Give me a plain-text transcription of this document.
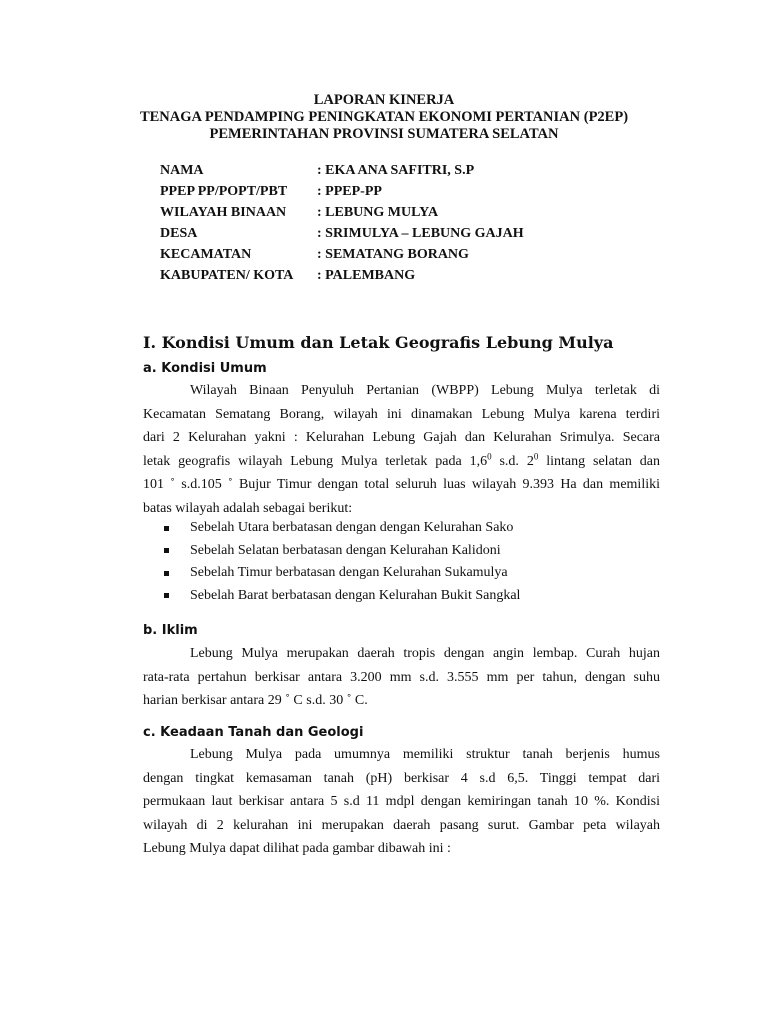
LAPORAN KINERJA
TENAGA PENDAMPING PENINGKATAN EKONOMI PERTANIAN (P2EP)
PEMERINTAHAN PROVINSI SUMATERA SELATAN
NAMA	: EKA ANA SAFITRI, S.P
PPEP PP/POPT/PBT	: PPEP-PP
WILAYAH BINAAN	: LEBUNG MULYA
DESA	: SRIMULYA – LEBUNG GAJAH
KECAMATAN	: SEMATANG BORANG
KABUPATEN/ KOTA	: PALEMBANG
I. Kondisi Umum dan Letak Geografis Lebung Mulya
a. Kondisi Umum
Wilayah Binaan Penyuluh Pertanian (WBPP) Lebung Mulya terletak di
Kecamatan Sematang Borang, wilayah ini dinamakan Lebung Mulya karena terdiri
dari 2 Kelurahan yakni : Kelurahan Lebung Gajah dan Kelurahan Srimulya. Secara
letak geografis wilayah Lebung Mulya terletak pada $1,6^0$ s.d. $2^0$ lintang selatan dan
101 ˚ s.d.105 ˚ Bujur Timur dengan total seluruh luas wilayah 9.393 Ha dan memiliki
batas wilayah adalah sebagai berikut:
Sebelah Utara berbatasan dengan dengan Kelurahan Sako
Sebelah Selatan berbatasan dengan Kelurahan Kalidoni
Sebelah Timur berbatasan dengan Kelurahan Sukamulya
Sebelah Barat berbatasan dengan Kelurahan Bukit Sangkal
b. Iklim
Lebung Mulya merupakan daerah tropis dengan angin lembap. Curah hujan
rata-rata pertahun berkisar antara 3.200 mm s.d. 3.555 mm per tahun, dengan suhu
harian berkisar antara 29 ˚ C s.d. 30 ˚ C.
c. Keadaan Tanah dan Geologi
Lebung Mulya pada umumnya memiliki struktur tanah berjenis humus
dengan tingkat kemasaman tanah (pH) berkisar 4 s.d 6,5. Tinggi tempat dari
permukaan laut berkisar antara 5 s.d 11 mdpl dengan kemiringan tanah 10 %. Kondisi
wilayah di 2 kelurahan ini merupakan daerah pasang surut. Gambar peta wilayah
Lebung Mulya dapat dilihat pada gambar dibawah ini :
